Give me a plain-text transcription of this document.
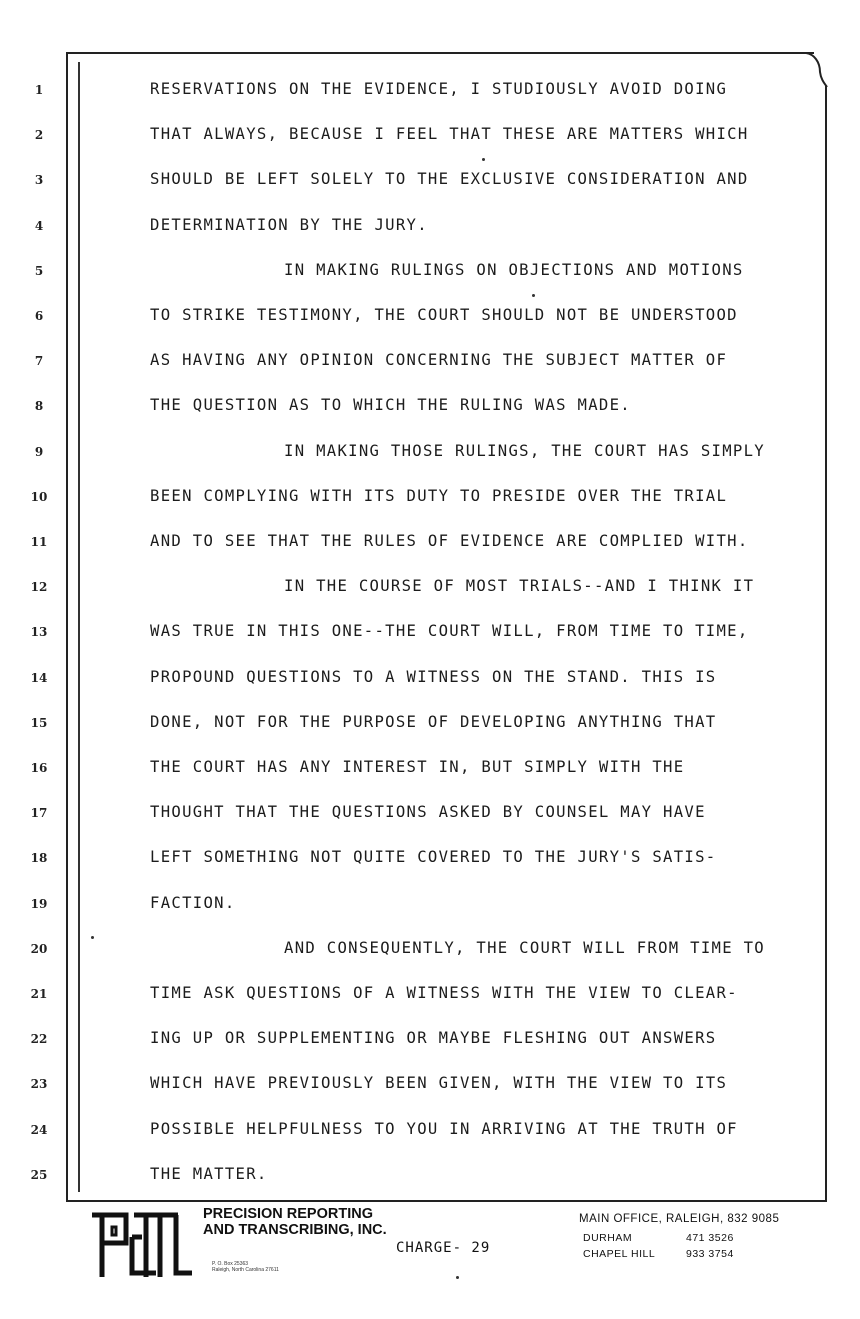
1	RESERVATIONS ON THE EVIDENCE, I STUDIOUSLY AVOID DOING
2	THAT ALWAYS, BECAUSE I FEEL THAT THESE ARE MATTERS WHICH
3	SHOULD BE LEFT SOLELY TO THE EXCLUSIVE CONSIDERATION AND
4	DETERMINATION BY THE JURY.
5	IN MAKING RULINGS ON OBJECTIONS AND MOTIONS
6	TO STRIKE TESTIMONY, THE COURT SHOULD NOT BE UNDERSTOOD
7	AS HAVING ANY OPINION CONCERNING THE SUBJECT MATTER OF
8	THE QUESTION AS TO WHICH THE RULING WAS MADE.
9	IN MAKING THOSE RULINGS, THE COURT HAS SIMPLY
10	BEEN COMPLYING WITH ITS DUTY TO PRESIDE OVER THE TRIAL
11	AND TO SEE THAT THE RULES OF EVIDENCE ARE COMPLIED WITH.
12	IN THE COURSE OF MOST TRIALS--AND I THINK IT
13	WAS TRUE IN THIS ONE--THE COURT WILL, FROM TIME TO TIME,
14	PROPOUND QUESTIONS TO A WITNESS ON THE STAND. THIS IS
15	DONE, NOT FOR THE PURPOSE OF DEVELOPING ANYTHING THAT
16	THE COURT HAS ANY INTEREST IN, BUT SIMPLY WITH THE
17	THOUGHT THAT THE QUESTIONS ASKED BY COUNSEL MAY HAVE
18	LEFT SOMETHING NOT QUITE COVERED TO THE JURY'S SATIS-
19	FACTION.
20	AND CONSEQUENTLY, THE COURT WILL FROM TIME TO
21	TIME ASK QUESTIONS OF A WITNESS WITH THE VIEW TO CLEAR-
22	ING UP OR SUPPLEMENTING OR MAYBE FLESHING OUT ANSWERS
23	WHICH HAVE PREVIOUSLY BEEN GIVEN, WITH THE VIEW TO ITS
24	POSSIBLE HELPFULNESS TO YOU IN ARRIVING AT THE TRUTH OF
25	THE MATTER.
PRECISION REPORTING
AND TRANSCRIBING, INC.
P. O. Box 25363
Raleigh, North Carolina 27611
CHARGE- 29
MAIN OFFICE, RALEIGH, 832 9085
DURHAM	471 3526
CHAPEL HILL	933 3754
